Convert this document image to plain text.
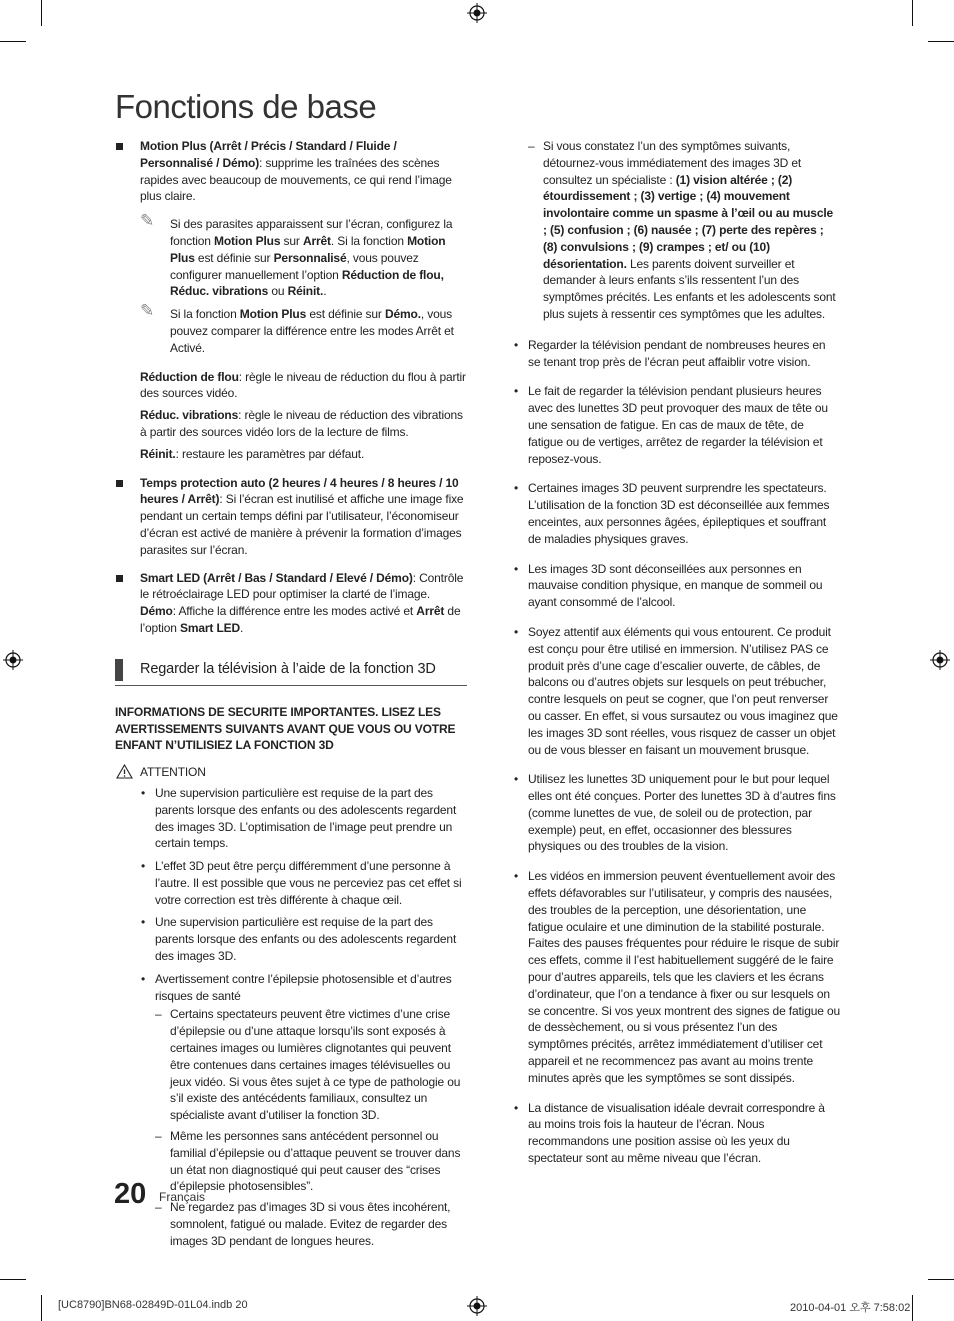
Fonctions de base

Motion Plus (Arrêt / Précis / Standard / Fluide / Personnalisé / Démo): supprime les traînées des scènes rapides avec beaucoup de mouvements, ce qui rend l’image plus claire.

✎ Si des parasites apparaissent sur l’écran, configurez la fonction Motion Plus sur Arrêt. Si la fonction Motion Plus est définie sur Personnalisé, vous pouvez configurer manuellement l’option Réduction de flou, Réduc. vibrations ou Réinit..

✎ Si la fonction Motion Plus est définie sur Démo., vous pouvez comparer la différence entre les modes Arrêt et Activé.

Réduction de flou: règle le niveau de réduction du flou à partir des sources vidéo.

Réduc. vibrations: règle le niveau de réduction des vibrations à partir des sources vidéo lors de la lecture de films.

Réinit.: restaure les paramètres par défaut.

Temps protection auto (2 heures / 4 heures / 8 heures / 10 heures / Arrêt): Si l’écran est inutilisé et affiche une image fixe pendant un certain temps défini par l’utilisateur, l’économiseur d’écran est activé de manière à prévenir la formation d’images parasites sur l’écran.

Smart LED (Arrêt / Bas / Standard / Elevé / Démo): Contrôle le rétroéclairage LED pour optimiser la clarté de l’image.
Démo: Affiche la différence entre les modes activé et Arrêt de l’option Smart LED.

Regarder la télévision à l’aide de la fonction 3D

INFORMATIONS DE SECURITE IMPORTANTES. LISEZ LES AVERTISSEMENTS SUIVANTS AVANT QUE VOUS OU VOTRE ENFANT N’UTILISIEZ LA FONCTION 3D

ATTENTION

• Une supervision particulière est requise de la part des parents lorsque des enfants ou des adolescents regardent des images 3D. L’optimisation de l’image peut prendre un certain temps.

• L’effet 3D peut être perçu différemment d’une personne à l’autre. Il est possible que vous ne perceviez pas cet effet si votre correction est très différente à chaque œil.

• Une supervision particulière est requise de la part des parents lorsque des enfants ou des adolescents regardent des images 3D.

• Avertissement contre l’épilepsie photosensible et d’autres risques de santé

– Certains spectateurs peuvent être victimes d’une crise d’épilepsie ou d’une attaque lorsqu’ils sont exposés à certaines images ou lumières clignotantes qui peuvent être contenues dans certaines images télévisuelles ou jeux vidéo. Si vous êtes sujet à ce type de pathologie ou s’il existe des antécédents familiaux, consultez un spécialiste avant d’utiliser la fonction 3D.

– Même les personnes sans antécédent personnel ou familial d’épilepsie ou d’attaque peuvent se trouver dans un état non diagnostiqué qui peut causer des “crises d’épilepsie photosensibles”.

– Ne regardez pas d’images 3D si vous êtes incohérent, somnolent, fatigué ou malade. Evitez de regarder des images 3D pendant de longues heures.

– Si vous constatez l’un des symptômes suivants, détournez-vous immédiatement des images 3D et consultez un spécialiste : (1) vision altérée ; (2) étourdissement ; (3) vertige ; (4) mouvement involontaire comme un spasme à l’œil ou au muscle ; (5) confusion ; (6) nausée ; (7) perte des repères ; (8) convulsions ; (9) crampes ; et/ ou (10) désorientation. Les parents doivent surveiller et demander à leurs enfants s’ils ressentent l’un des symptômes précités. Les enfants et les adolescents sont plus sujets à ressentir ces symptômes que les adultes.

• Regarder la télévision pendant de nombreuses heures en se tenant trop près de l’écran peut affaiblir votre vision.

• Le fait de regarder la télévision pendant plusieurs heures avec des lunettes 3D peut provoquer des maux de tête ou une sensation de fatigue. En cas de maux de tête, de fatigue ou de vertiges, arrêtez de regarder la télévision et reposez-vous.

• Certaines images 3D peuvent surprendre les spectateurs. L’utilisation de la fonction 3D est déconseillée aux femmes enceintes, aux personnes âgées, épileptiques et souffrant de maladies physiques graves.

• Les images 3D sont déconseillées aux personnes en mauvaise condition physique, en manque de sommeil ou ayant consommé de l’alcool.

• Soyez attentif aux éléments qui vous entourent. Ce produit est conçu pour être utilisé en immersion. N’utilisez PAS ce produit près d’une cage d’escalier ouverte, de câbles, de balcons ou d’autres objets sur lesquels on peut trébucher, contre lesquels on peut se cogner, que l’on peut renverser ou casser. En effet, si vous sursautez ou vous imaginez que les images 3D sont réelles, vous risquez de casser un objet ou de vous blesser en faisant un mouvement brusque.

• Utilisez les lunettes 3D uniquement pour le but pour lequel elles ont été conçues. Porter des lunettes 3D à d’autres fins (comme lunettes de vue, de soleil ou de protection, par exemple) peut, en effet, occasionner des blessures physiques ou des troubles de la vision.

• Les vidéos en immersion peuvent éventuellement avoir des effets défavorables sur l’utilisateur, y compris des nausées, des troubles de la perception, une désorientation, une fatigue oculaire et une diminution de la stabilité posturale. Faites des pauses fréquentes pour réduire le risque de subir ces effets, comme il l’est habituellement suggéré de le faire pour d’autres appareils, tels que les claviers et les écrans d’ordinateur, que l’on a tendance à fixer ou sur lesquels on se concentre. Si vos yeux montrent des signes de fatigue ou de dessèchement, ou si vous présentez l’un des symptômes précités, arrêtez immédiatement d’utiliser cet appareil et ne recommencez pas avant au moins trente minutes après que les symptômes se sont dissipés.

• La distance de visualisation idéale devrait correspondre à au moins trois fois la hauteur de l’écran. Nous recommandons une position assise où les yeux du spectateur sont au même niveau que l’écran.

20 Français
[UC8790]BN68-02849D-01L04.indb 20	2010-04-01 오후 7:58:02
